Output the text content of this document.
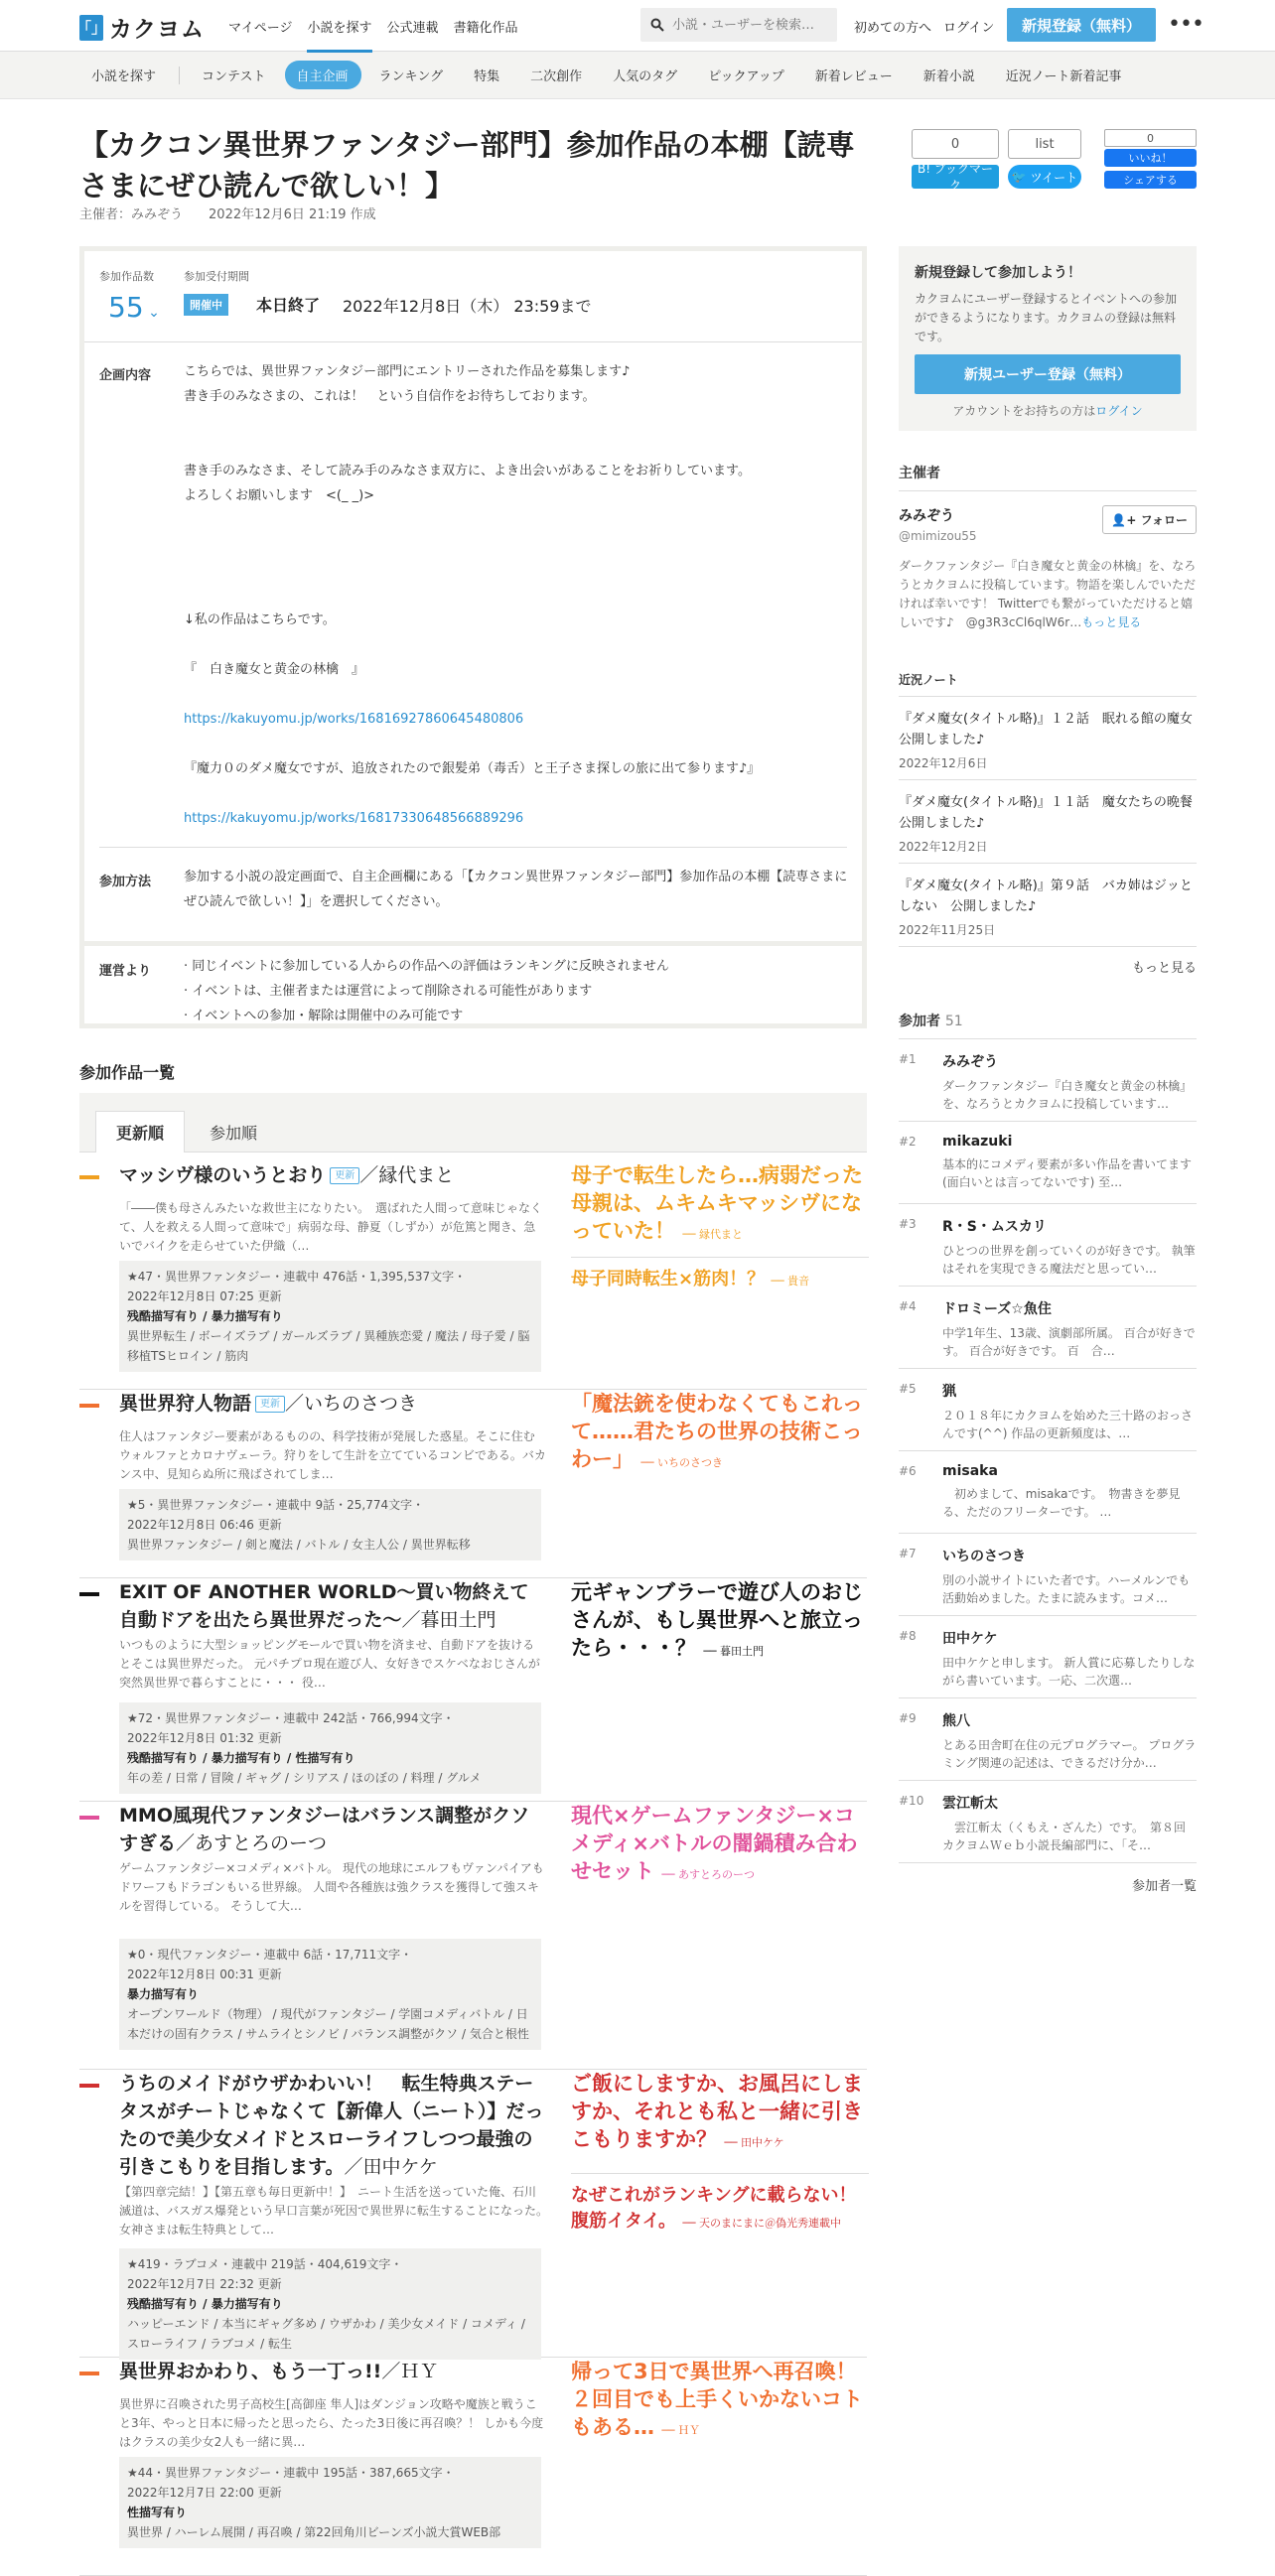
「」 カクヨム マイページ 小説を探す 公式連載 書籍化作品
小説・ユーザーを検索…	初めての方へ ログイン	新規登録（無料）	•••
小説を探す	コンテスト	自主企画	ランキング	特集	二次創作	人気のタグ	ピックアップ	新着レビュー	新着小説	近況ノート新着記事
【カクコン異世界ファンタジー部門】参加作品の本棚【読専さまにぜひ読んで欲しい！】
主催者：みみぞう　　 2022年12月6日 21:19 作成
0
B! ブックマーク
list
🐦 ツイート
0
いいね！
シェアする
参加作品数
55 ⌄
参加受付期間
開催中	本日終了 2022年12月8日（木） 23:59まで
企画内容	こちらでは、異世界ファンタジー部門にエントリーされた作品を募集します♪

書き手のみなさまの、これは！　という自信作をお待ちしております。

書き手のみなさま、そして読み手のみなさま双方に、よき出会いがあることをお祈りしています。

よろしくお願いします　<(_ _)>

↓私の作品はこちらです。

『　白き魔女と黄金の林檎　』

https://kakuyomu.jp/works/16816927860645480806

『魔力０のダメ魔女ですが、追放されたので銀髪弟（毒舌）と王子さま探しの旅に出て参ります♪』

https://kakuyomu.jp/works/16817330648566889296

参加方法	参加する小説の設定画面で、自主企画欄にある「【カクコン異世界ファンタジー部門】参加作品の本棚【読専さまにぜひ読んで欲しい！】」を選択してください。
運営より	· 同じイベントに参加している人からの作品への評価はランキングに反映されません

· イベントは、主催者または運営によって削除される可能性があります

· イベントへの参加・解除は開催中のみ可能です

新規登録して参加しよう！
カクヨムにユーザー登録するとイベントへの参加ができるようになります。カクヨムの登録は無料です。
新規ユーザー登録（無料）
アカウントをお持ちの方はログイン
主催者
みみぞう
@mimizou55
👤+ フォロー
ダークファンタジー『白き魔女と黄金の林檎』を、なろうとカクヨムに投稿しています。物語を楽しんでいただければ幸いです！ Twitterでも繋がっていただけると嬉しいです♪　@g3R3cCl6qlW6r…もっと見る
近況ノート
『ダメ魔女(タイトル略)』１２話　眠れる館の魔女　公開しました♪
2022年12月6日
『ダメ魔女(タイトル略)』１１話　魔女たちの晩餐　公開しました♪
2022年12月2日
『ダメ魔女(タイトル略)』第９話　バカ姉はジッとしない　公開しました♪
2022年11月25日
もっと見る
参加者 51
#1 みみぞう
ダークファンタジー『白き魔女と黄金の林檎』を、なろうとカクヨムに投稿しています…
#2 mikazuki
基本的にコメディ要素が多い作品を書いてます(面白いとは言ってないです) 至…
#3 R・S・ムスカリ
ひとつの世界を創っていくのが好きです。 執筆はそれを実現できる魔法だと思ってい…
#4 ドロミーズ☆魚住
中学1年生、13歳、演劇部所属。 百合が好きです。 百合が好きです。 百　合…
#5 猟
２０１８年にカクヨムを始めた三十路のおっさんです(^^) 作品の更新頻度は、…
#6 misaka
　初めまして、misakaです。　物書きを夢見る、ただのフリーターです。 …
#7 いちのさつき
別の小説サイトにいた者です。ハーメルンでも活動始めました。たまに読みます。コメ…
#8 田中ケケ
田中ケケと申します。 新人賞に応募したりしながら書いています。一応、二次選…
#9 熊八
とある田舎町在住の元プログラマー。 プログラミング関連の記述は、できるだけ分か…
#10 雲江斬太
　雲江斬太（くもえ・ざんた）です。　第８回カクヨムＷｅｂ小説長編部門に、「そ…
参加者一覧
参加作品一覧
更新順	参加順
マッシヴ様のいうとおり 更新 ／縁代まと
「――僕も母さんみたいな救世主になりたい。　選ばれた人間って意味じゃなくて、人を救える人間って意味で」病弱な母、静夏（しずか）が危篤と聞き、急いでバイクを走らせていた伊織（…
★47・異世界ファンタジー・連載中 476話・1,395,537文字・
2022年12月8日 07:25 更新
残酷描写有り / 暴力描写有り
異世界転生 / ボーイズラブ / ガールズラブ / 異種族恋愛 / 魔法 / 母子愛 / 脳移植TSヒロイン / 筋肉
母子で転生したら…病弱だった母親は、ムキムキマッシヴになっていた！ ── 縁代まと
母子同時転生×筋肉！？ ── 貴音
異世界狩人物語 更新 ／いちのさつき
住人はファンタジー要素があるものの、科学技術が発展した惑星。そこに住むウォルファとカロナヴェーラ。狩りをして生計を立てているコンビである。バカンス中、見知らぬ所に飛ばされてしま…
★5・異世界ファンタジー・連載中 9話・25,774文字・
2022年12月8日 06:46 更新
異世界ファンタジー / 剣と魔法 / バトル / 女主人公 / 異世界転移
「魔法銃を使わなくてもこれって……君たちの世界の技術こっわー」 ── いちのさつき
EXIT OF ANOTHER WORLD～買い物終えて自動ドアを出たら異世界だった～／暮田土門
いつものように大型ショッピングモールで買い物を済ませ、自動ドアを抜けるとそこは異世界だった。 元パチプロ現在遊び人、女好きでスケベなおじさんが突然異世界で暮らすことに・・・ 役…
★72・異世界ファンタジー・連載中 242話・766,994文字・
2022年12月8日 01:32 更新
残酷描写有り / 暴力描写有り / 性描写有り
年の差 / 日常 / 冒険 / ギャグ / シリアス / ほのぼの / 料理 / グルメ
元ギャンブラーで遊び人のおじさんが、もし異世界へと旅立ったら・・・？ ── 暮田土門
MMO風現代ファンタジーはバランス調整がクソすぎる／あすとろのーつ
ゲームファンタジー×コメディ×バトル。 現代の地球にエルフもヴァンパイアもドワーフもドラゴンもいる世界線。 人間や各種族は強クラスを獲得して強スキルを習得している。 そうして大…
★0・現代ファンタジー・連載中 6話・17,711文字・
2022年12月8日 00:31 更新
暴力描写有り
オープンワールド（物理） / 現代がファンタジー / 学園コメディバトル / 日本だけの固有クラス / サムライとシノビ / バランス調整がクソ / 気合と根性
現代×ゲームファンタジー×コメディ×バトルの闇鍋積み合わせセット ── あすとろのーつ
うちのメイドがウザかわいい！　転生特典ステータスがチートじゃなくて【新偉人（ニート）】だったので美少女メイドとスローライフしつつ最強の引きこもりを目指します。／田中ケケ
【第四章完結！】【第五章も毎日更新中！】　ニート生活を送っていた俺、石川滅道は、バスガス爆発という早口言葉が死因で異世界に転生することになった。　女神さまは転生特典として…
★419・ラブコメ・連載中 219話・404,619文字・
2022年12月7日 22:32 更新
残酷描写有り / 暴力描写有り
ハッピーエンド / 本当にギャグ多め / ウザかわ / 美少女メイド / コメディ / スローライフ / ラブコメ / 転生
ご飯にしますか、お風呂にしますか、それとも私と一緒に引きこもりますか？ ── 田中ケケ
なぜこれがランキングに載らない！腹筋イタイ。 ── 天のまにまに＠偽光秀連載中
異世界おかわり、もう一丁っ!!／ＨＹ
異世界に召喚された男子高校生[高御座 隼人]はダンジョン攻略や魔族と戦うこと3年、やっと日本に帰ったと思ったら、たった3日後に再召喚？！ しかも今度はクラスの美少女2人も一緒に異…
★44・異世界ファンタジー・連載中 195話・387,665文字・
2022年12月7日 22:00 更新
性描写有り
異世界 / ハーレム展開 / 再召喚 / 第22回角川ビーンズ小説大賞WEB部
帰って3日で異世界へ再召喚！２回目でも上手くいかないコトもある… ── ＨＹ
